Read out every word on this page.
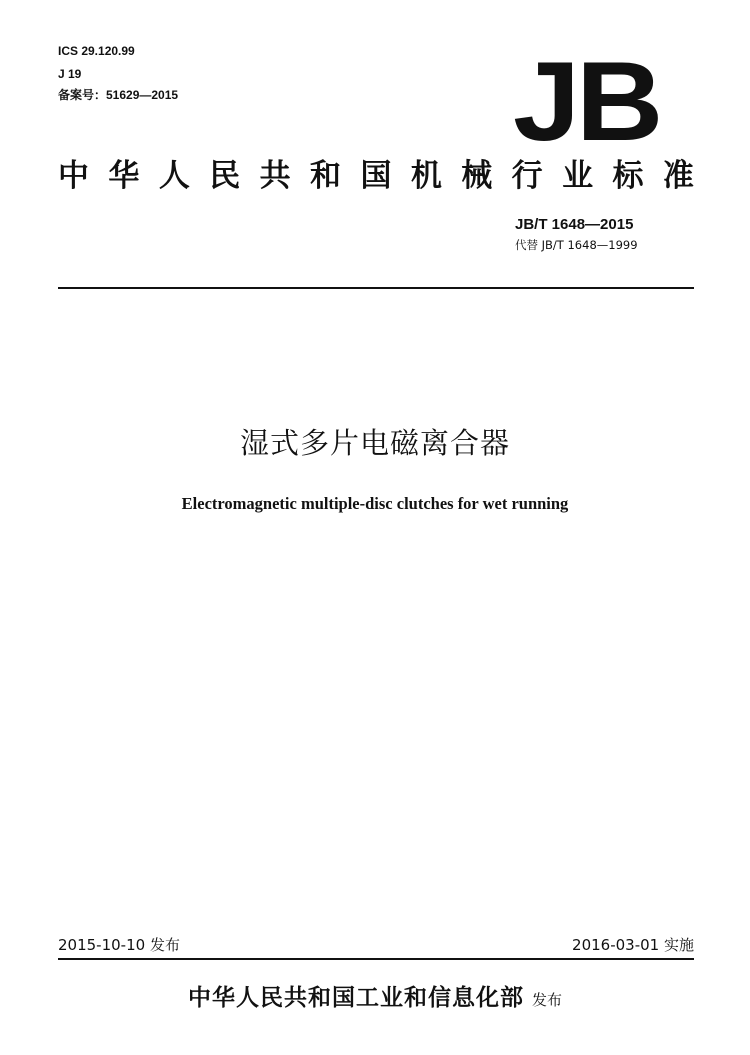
ICS 29.120.99
J 19
备案号：51629—2015	JB
中 华 人 民 共 和 国 机 械 行 业 标 准
JB/T 1648—2015
代替 JB/T 1648—1999
湿式多片电磁离合器
Electromagnetic multiple-disc clutches for wet running
2015-10-10 发布	2016-03-01 实施
中华人民共和国工业和信息化部 发布
